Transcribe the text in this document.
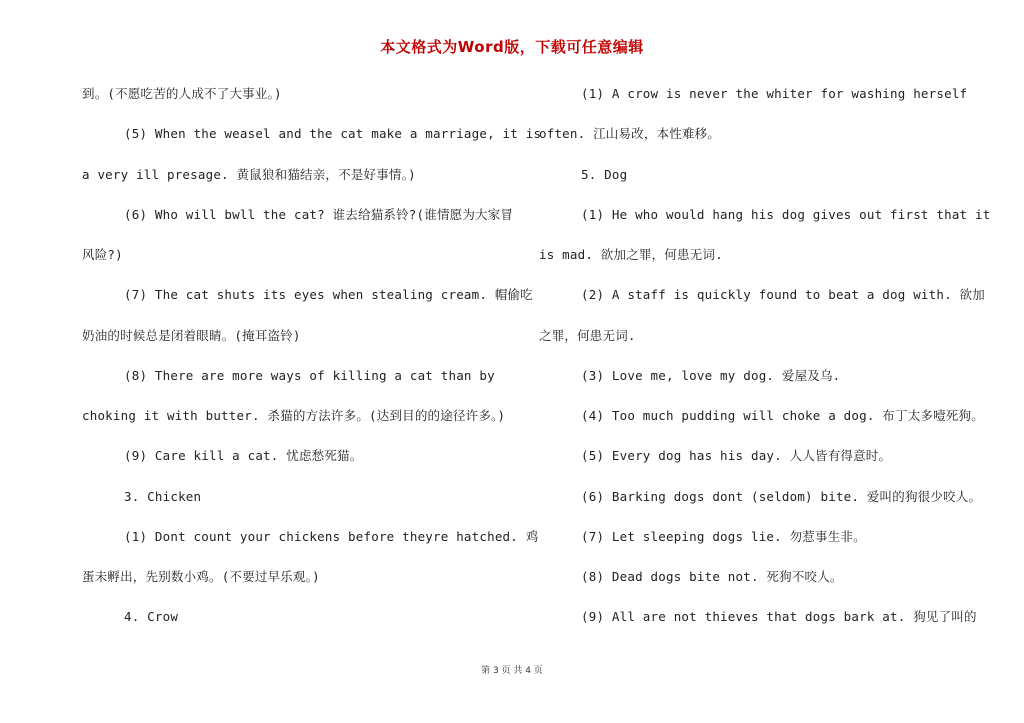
本文格式为Word版，下载可任意编辑
到。(不愿吃苦的人成不了大事业。)
(5) When the weasel and the cat make a marriage, it is
a very ill presage. 黄鼠狼和猫结亲，不是好事情。)
(6) Who will bwll the cat? 谁去给猫系铃?(谁情愿为大家冒
风险?)
(7) The cat shuts its eyes when stealing cream. 帽偷吃
奶油的时候总是闭着眼睛。(掩耳盗铃)
(8) There are more ways of killing a cat than by
choking it with butter. 杀猫的方法许多。(达到目的的途径许多。)
(9) Care kill a cat. 忧虑愁死猫。
3. Chicken
(1) Dont count your chickens before theyre hatched. 鸡
蛋未孵出，先别数小鸡。(不要过早乐观。)
4. Crow
(1) A crow is never the whiter for washing herself
often. 江山易改，本性难移。
5. Dog
(1) He who would hang his dog gives out first that it
is mad. 欲加之罪，何患无词.
(2) A staff is quickly found to beat a dog with. 欲加
之罪，何患无词.
(3) Love me, love my dog. 爱屋及乌.
(4) Too much pudding will choke a dog. 布丁太多噎死狗。
(5) Every dog has his day. 人人皆有得意时。
(6) Barking dogs dont (seldom) bite. 爱叫的狗很少咬人。
(7) Let sleeping dogs lie. 勿惹事生非。
(8) Dead dogs bite not. 死狗不咬人。
(9) All are not thieves that dogs bark at. 狗见了叫的
第 3 页 共 4 页
